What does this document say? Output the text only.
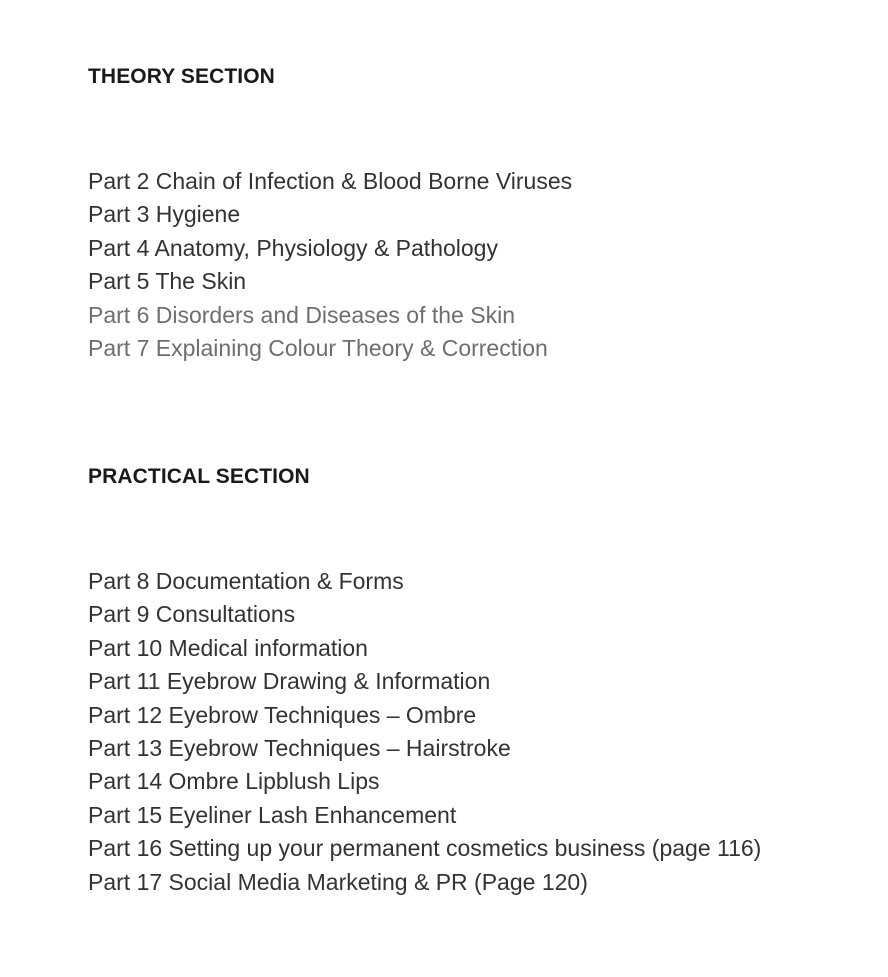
THEORY SECTION
Part 2 Chain of Infection & Blood Borne Viruses
Part 3 Hygiene
Part 4 Anatomy, Physiology & Pathology
Part 5 The Skin
Part 6 Disorders and Diseases of the Skin
Part 7 Explaining Colour Theory & Correction
PRACTICAL SECTION
Part 8 Documentation & Forms
Part 9 Consultations
Part 10 Medical information
Part 11 Eyebrow Drawing & Information
Part 12 Eyebrow Techniques – Ombre
Part 13 Eyebrow Techniques – Hairstroke
Part 14 Ombre Lipblush Lips
Part 15 Eyeliner Lash Enhancement
Part 16 Setting up your permanent cosmetics business (page 116)
Part 17 Social Media Marketing & PR (Page 120)
